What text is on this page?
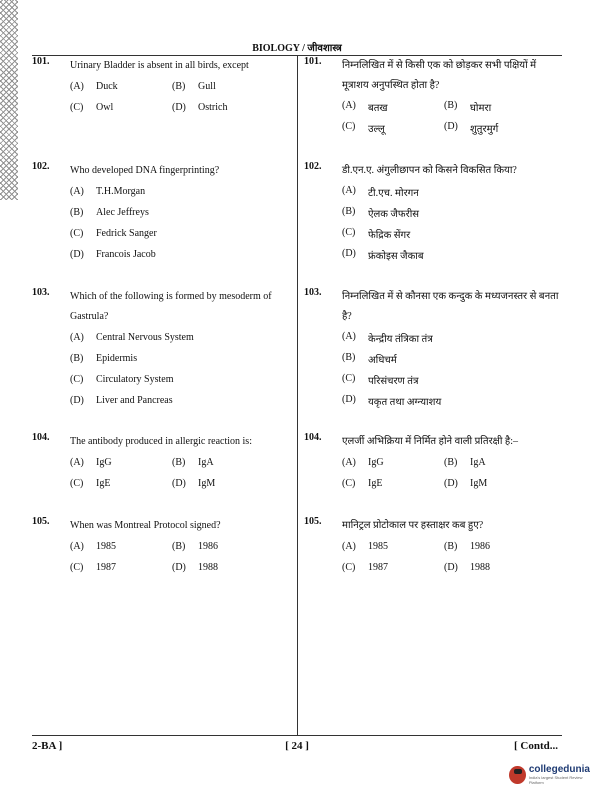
BIOLOGY / जीवशास्त्र
101.	Urinary Bladder is absent in all birds, except
(A)	Duck	(B)	Gull
(C)	Owl	(D)	Ostrich
102.	Who developed DNA fingerprinting?
(A)	T.H.Morgan
(B)	Alec Jeffreys
(C)	Fedrick Sanger
(D)	Francois Jacob
103.	Which of the following is formed by mesoderm of Gastrula?
(A)	Central Nervous System
(B)	Epidermis
(C)	Circulatory System
(D)	Liver and Pancreas
104.	The antibody produced in allergic reaction is:
(A)	IgG	(B)	IgA
(C)	IgE	(D)	IgM
105.	When was Montreal Protocol signed?
(A)	1985	(B)	1986
(C)	1987	(D)	1988
101.	निम्नलिखित में से किसी एक को छोड़कर सभी पक्षियों में मूत्राशय अनुपस्थित होता है?
(A)	बतख	(B)	घोमरा
(C)	उल्लू	(D)	शुतुरमुर्ग
102.	डी.एन.ए. अंगुलीछापन को किसने विकसित किया?
(A)	टी.एच. मोरगन
(B)	ऐलक जैफरीस
(C)	फेद्रिक सेंगर
(D)	फ्रंकोइस जैकाब
103.	निम्नलिखित में से कौनसा एक कन्दुक के मध्यजनस्तर से बनता है?
(A)	केन्द्रीय तंत्रिका तंत्र
(B)	अधिचर्म
(C)	परिसंचरण तंत्र
(D)	यकृत तथा अग्न्याशय
104.	एलर्जी अभिक्रिया में निर्मित होने वाली प्रतिरक्षी है:–
(A)	IgG	(B)	IgA
(C)	IgE	(D)	IgM
105.	मानिट्रल प्रोटोकाल पर हस्ताक्षर कब हुए?
(A)	1985	(B)	1986
(C)	1987	(D)	1988
2-BA ]	[ 24 ]	[ Contd...
collegedunia
India's largest Student Review Platform
